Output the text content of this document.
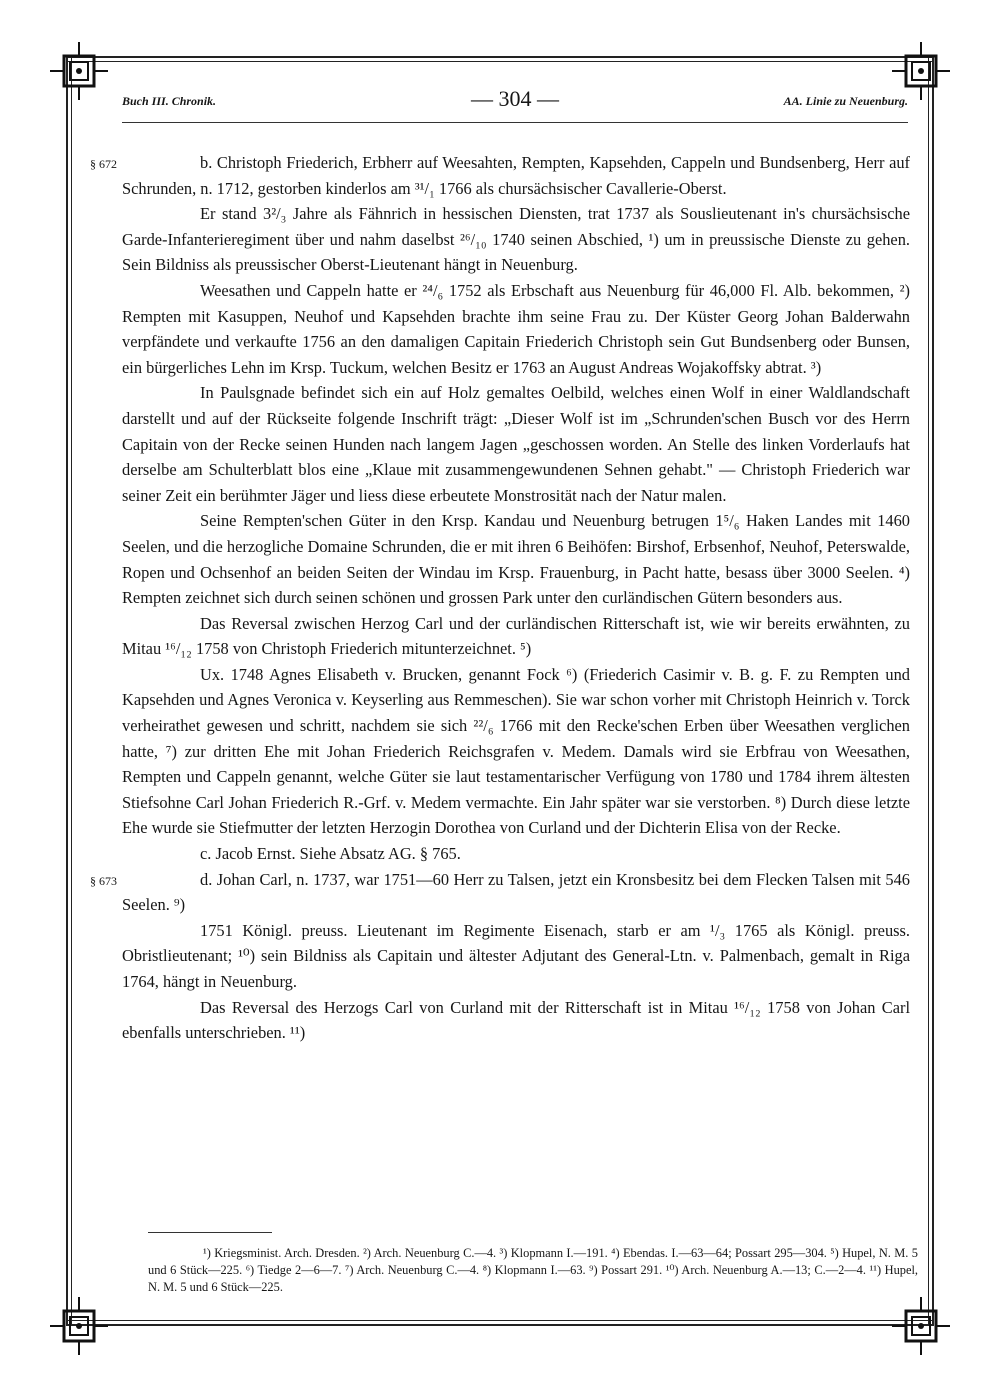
Buch III. Chronik.	— 304 —	AA. Linie zu Neuenburg.
§ 672	b. Christoph Friederich, Erbherr auf Weesahten, Rempten, Kapsehden, Cappeln und Bundsenberg, Herr auf Schrunden, n. 1712, gestorben kinderlos am ³¹/₁ 1766 als chursächsischer Cavallerie-Oberst.

Er stand 3²/₃ Jahre als Fähnrich in hessischen Diensten, trat 1737 als Souslieutenant in's chursächsische Garde-Infanterieregiment über und nahm daselbst ²⁶/₁₀ 1740 seinen Abschied, ¹) um in preussische Dienste zu gehen. Sein Bildniss als preussischer Oberst-Lieutenant hängt in Neuenburg.

Weesathen und Cappeln hatte er ²⁴/₆ 1752 als Erbschaft aus Neuenburg für 46,000 Fl. Alb. bekommen, ²) Rempten mit Kasuppen, Neuhof und Kapsehden brachte ihm seine Frau zu. Der Küster Georg Johan Balderwahn verpfändete und verkaufte 1756 an den damaligen Capitain Friederich Christoph sein Gut Bundsenberg oder Bunsen, ein bürgerliches Lehn im Krsp. Tuckum, welchen Besitz er 1763 an August Andreas Wojakoffsky abtrat. ³)

In Paulsgnade befindet sich ein auf Holz gemaltes Oelbild, welches einen Wolf in einer Waldlandschaft darstellt und auf der Rückseite folgende Inschrift trägt: „Dieser Wolf ist im „Schrunden'schen Busch vor des Herrn Capitain von der Recke seinen Hunden nach langem Jagen „geschossen worden. An Stelle des linken Vorderlaufs hat derselbe am Schulterblatt blos eine „Klaue mit zusammengewundenen Sehnen gehabt." — Christoph Friederich war seiner Zeit ein berühmter Jäger und liess diese erbeutete Monstrosität nach der Natur malen.

Seine Rempten'schen Güter in den Krsp. Kandau und Neuenburg betrugen 1⁵/₆ Haken Landes mit 1460 Seelen, und die herzogliche Domaine Schrunden, die er mit ihren 6 Beihöfen: Birshof, Erbsenhof, Neuhof, Peterswalde, Ropen und Ochsenhof an beiden Seiten der Windau im Krsp. Frauenburg, in Pacht hatte, besass über 3000 Seelen. ⁴) Rempten zeichnet sich durch seinen schönen und grossen Park unter den curländischen Gütern besonders aus.

Das Reversal zwischen Herzog Carl und der curländischen Ritterschaft ist, wie wir bereits erwähnten, zu Mitau ¹⁶/₁₂ 1758 von Christoph Friederich mitunterzeichnet. ⁵)

Ux. 1748 Agnes Elisabeth v. Brucken, genannt Fock ⁶) (Friederich Casimir v. B. g. F. zu Rempten und Kapsehden und Agnes Veronica v. Keyserling aus Remmeschen). Sie war schon vorher mit Christoph Heinrich v. Torck verheirathet gewesen und schritt, nachdem sie sich ²²/₆ 1766 mit den Recke'schen Erben über Weesathen verglichen hatte, ⁷) zur dritten Ehe mit Johan Friederich Reichsgrafen v. Medem. Damals wird sie Erbfrau von Weesathen, Rempten und Cappeln genannt, welche Güter sie laut testamentarischer Verfügung von 1780 und 1784 ihrem ältesten Stiefsohne Carl Johan Friederich R.-Grf. v. Medem vermachte. Ein Jahr später war sie verstorben. ⁸) Durch diese letzte Ehe wurde sie Stiefmutter der letzten Herzogin Dorothea von Curland und der Dichterin Elisa von der Recke.

c. Jacob Ernst. Siehe Absatz AG. § 765.

§ 673	d. Johan Carl, n. 1737, war 1751—60 Herr zu Talsen, jetzt ein Kronsbesitz bei dem Flecken Talsen mit 546 Seelen. ⁹)

1751 Königl. preuss. Lieutenant im Regimente Eisenach, starb er am ¹/₃ 1765 als Königl. preuss. Obristlieutenant; ¹⁰) sein Bildniss als Capitain und ältester Adjutant des General-Ltn. v. Palmenbach, gemalt in Riga 1764, hängt in Neuenburg.

Das Reversal des Herzogs Carl von Curland mit der Ritterschaft ist in Mitau ¹⁶/₁₂ 1758 von Johan Carl ebenfalls unterschrieben. ¹¹)

¹) Kriegsminist. Arch. Dresden. ²) Arch. Neuenburg C.—4. ³) Klopmann I.—191. ⁴) Ebendas. I.—63—64; Possart 295—304. ⁵) Hupel, N. M. 5 und 6 Stück—225. ⁶) Tiedge 2—6—7. ⁷) Arch. Neuenburg C.—4. ⁸) Klopmann I.—63. ⁹) Possart 291. ¹⁰) Arch. Neuenburg A.—13; C.—2—4. ¹¹) Hupel, N. M. 5 und 6 Stück—225.
